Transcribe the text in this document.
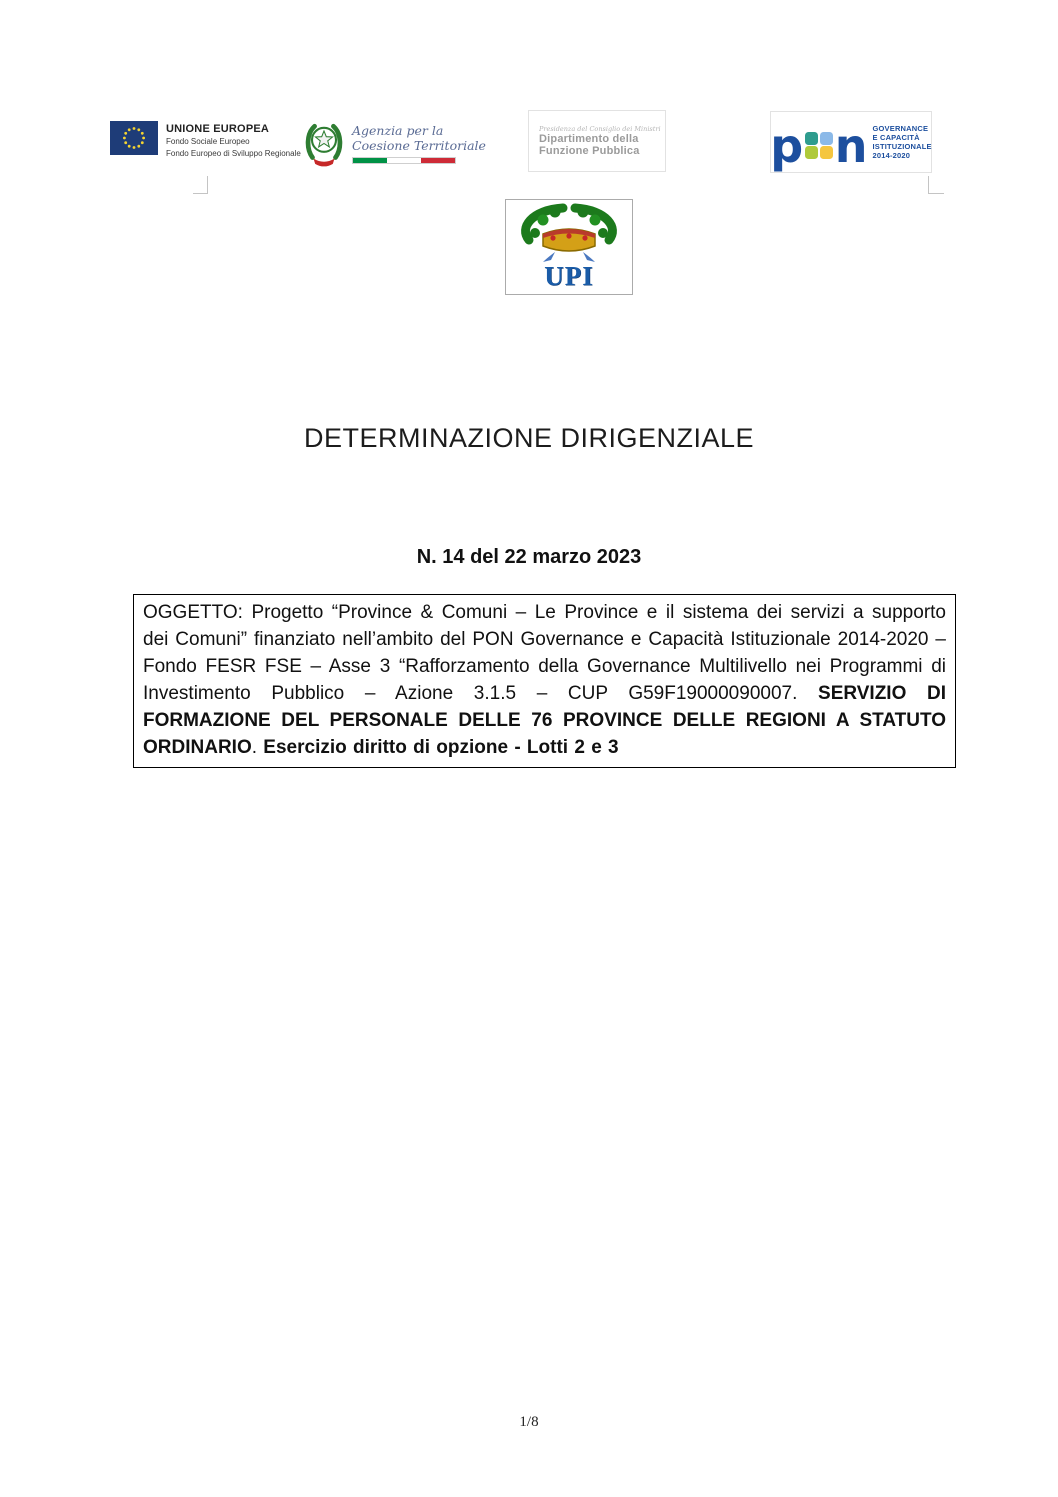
UNIONE EUROPEA
Fondo Sociale Europeo
Fondo Europeo di Sviluppo Regionale
Agenzia per la
Coesione Territoriale
Presidenza del Consiglio dei Ministri
Dipartimento della
Funzione Pubblica	p n GOVERNANCE
E CAPACITÀ
ISTITUZIONALE
2014-2020
UPI
DETERMINAZIONE DIRIGENZIALE
N. 14 del 22 marzo 2023

OGGETTO: Progetto “Province & Comuni – Le Province e il sistema dei servizi a supporto dei Comuni” finanziato nell’ambito del PON Governance e Capacità Istituzionale 2014-2020 – Fondo FESR FSE – Asse 3 “Rafforzamento della Governance Multilivello nei Programmi di Investimento Pubblico – Azione 3.1.5 – CUP G59F19000090007. SERVIZIO DI FORMAZIONE DEL PERSONALE DELLE 76 PROVINCE DELLE REGIONI A STATUTO ORDINARIO. Esercizio diritto di opzione - Lotti 2 e 3

1/8
